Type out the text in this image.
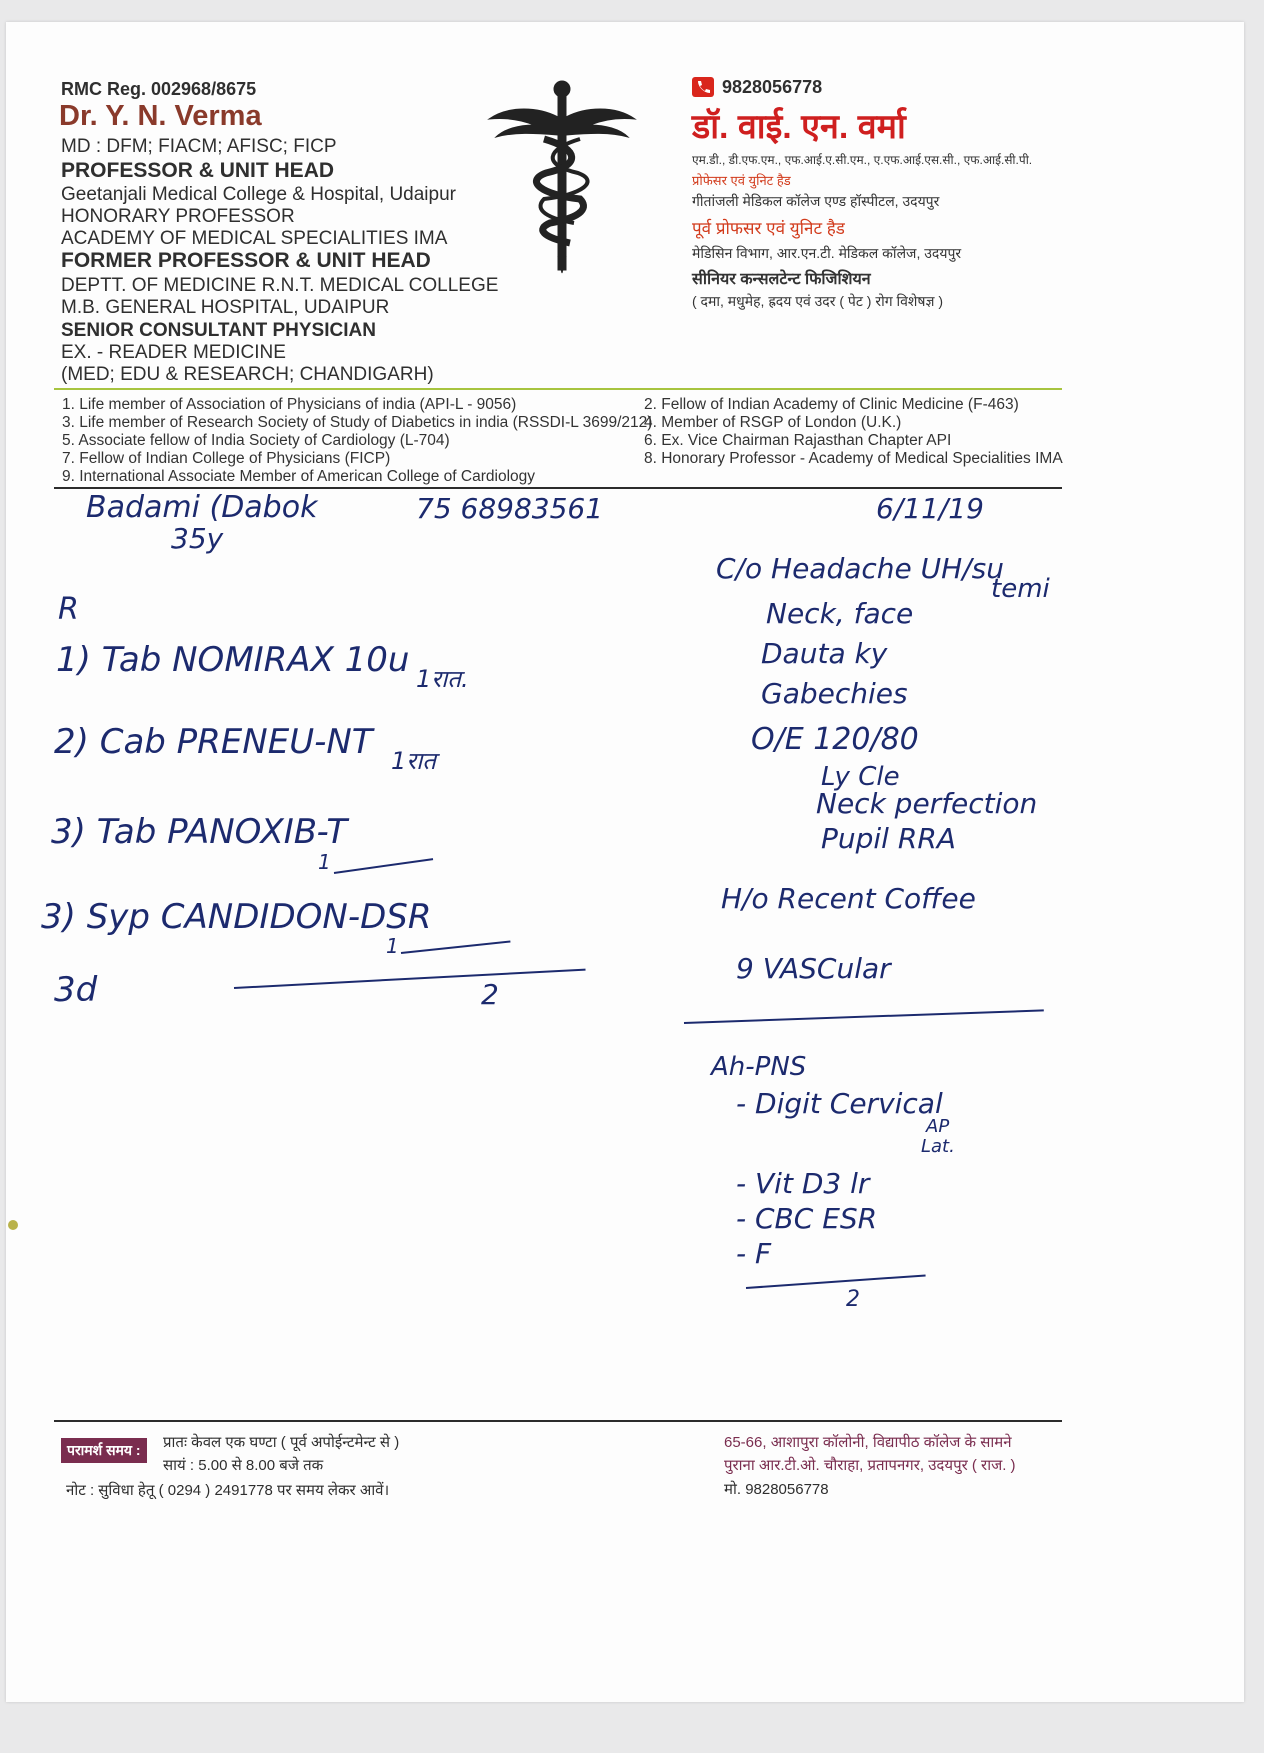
RMC Reg. 002968/8675
Dr. Y. N. Verma
MD : DFM; FIACM; AFISC; FICP
PROFESSOR & UNIT HEAD
Geetanjali Medical College & Hospital, Udaipur
HONORARY PROFESSOR
ACADEMY OF MEDICAL SPECIALITIES IMA
FORMER PROFESSOR & UNIT HEAD
DEPTT. OF MEDICINE R.N.T. MEDICAL COLLEGE
M.B. GENERAL HOSPITAL, UDAIPUR
SENIOR CONSULTANT PHYSICIAN
EX. - READER MEDICINE
(MED; EDU & RESEARCH; CHANDIGARH)
9828056778
डॉ. वाई. एन. वर्मा
एम.डी., डी.एफ.एम., एफ.आई.ए.सी.एम., ए.एफ.आई.एस.सी., एफ.आई.सी.पी.
प्रोफेसर एवं युनिट हैड
गीतांजली मेडिकल कॉलेज एण्ड हॉस्पीटल, उदयपुर
पूर्व प्रोफसर एवं युनिट हैड
मेडिसिन विभाग, आर.एन.टी. मेडिकल कॉलेज, उदयपुर
सीनियर कन्सलटेन्ट फिजिशियन
( दमा, मधुमेह, ह्रदय एवं उदर ( पेट ) रोग विशेषज्ञ )
1. Life member of Association of Physicians of india (API-L - 9056)	2. Fellow of Indian Academy of Clinic Medicine (F-463)
3. Life member of Research Society of Study of Diabetics in india (RSSDI-L 3699/212)
4. Member of RSGP of London (U.K.)
5. Associate fellow of India Society of Cardiology (L-704)	6. Ex. Vice Chairman Rajasthan Chapter API
7. Fellow of Indian College of Physicians (FICP)	8. Honorary Professor - Academy of Medical Specialities IMA
9. International Associate Member of American College of Cardiology
Badami (Dabok	75 68983561	6/11/19
35y
R
1) Tab NOMIRAX 10u 1रात.
2) Cab PRENEU-NT 1रात
3) Tab PANOXIB-T
1
3) Syp CANDIDON-DSR
1
3d	2
C/o Headache UH/su
temi
Neck, face
Dauta ky
Gabechies
O/E 120/80
Ly Cle
Neck perfection
Pupil RRA
H/o Recent Coffee
9 VASCular
Ah-PNS
- Digit Cervical
AP
Lat.
- Vit D3 lr
- CBC ESR
- F
2
परामर्श समय :	प्रातः केवल एक घण्टा ( पूर्व अपोईन्टमेन्ट से )
सायं : 5.00 से 8.00 बजे तक
नोट : सुविधा हेतू ( 0294 ) 2491778 पर समय लेकर आवें।
65-66, आशापुरा कॉलोनी, विद्यापीठ कॉलेज के सामने
पुराना आर.टी.ओ. चौराहा, प्रतापनगर, उदयपुर ( राज. )
मो. 9828056778
